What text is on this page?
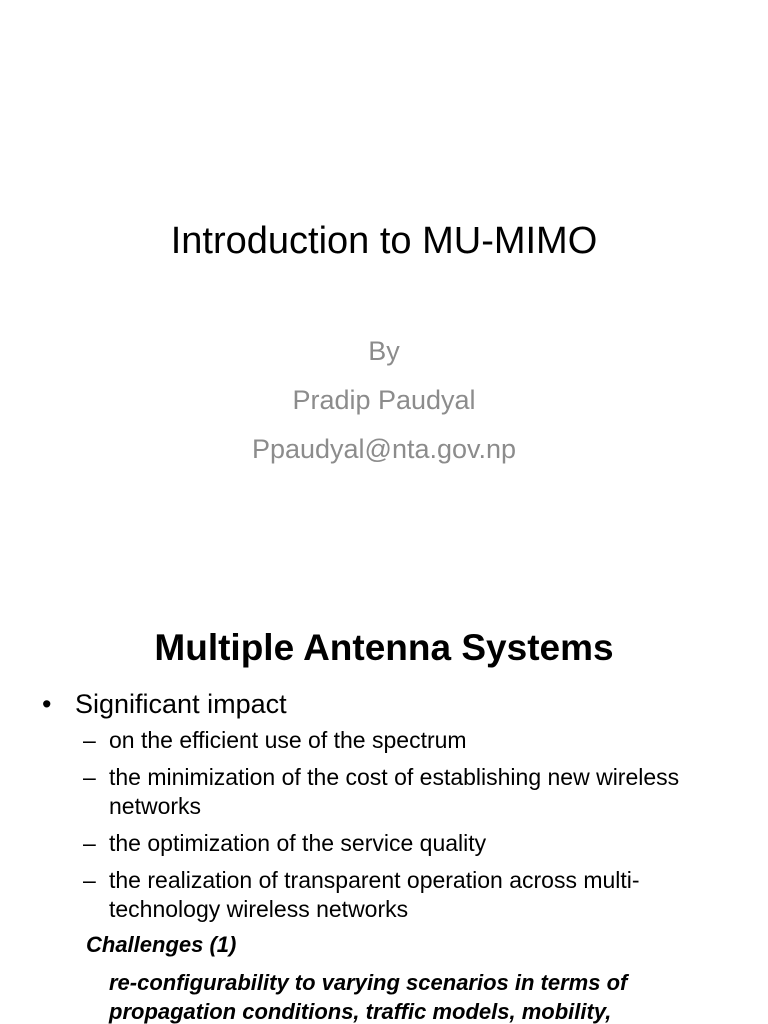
Introduction to MU-MIMO
By
Pradip Paudyal
Ppaudyal@nta.gov.np
Multiple Antenna Systems
• Significant impact
– on the efficient use of the spectrum
– the minimization of the cost of establishing new wireless networks
– the optimization of the service quality
– the realization of transparent operation across multi-technology wireless networks
Challenges (1)
re-configurability to varying scenarios in terms of propagation conditions, traffic models, mobility,
